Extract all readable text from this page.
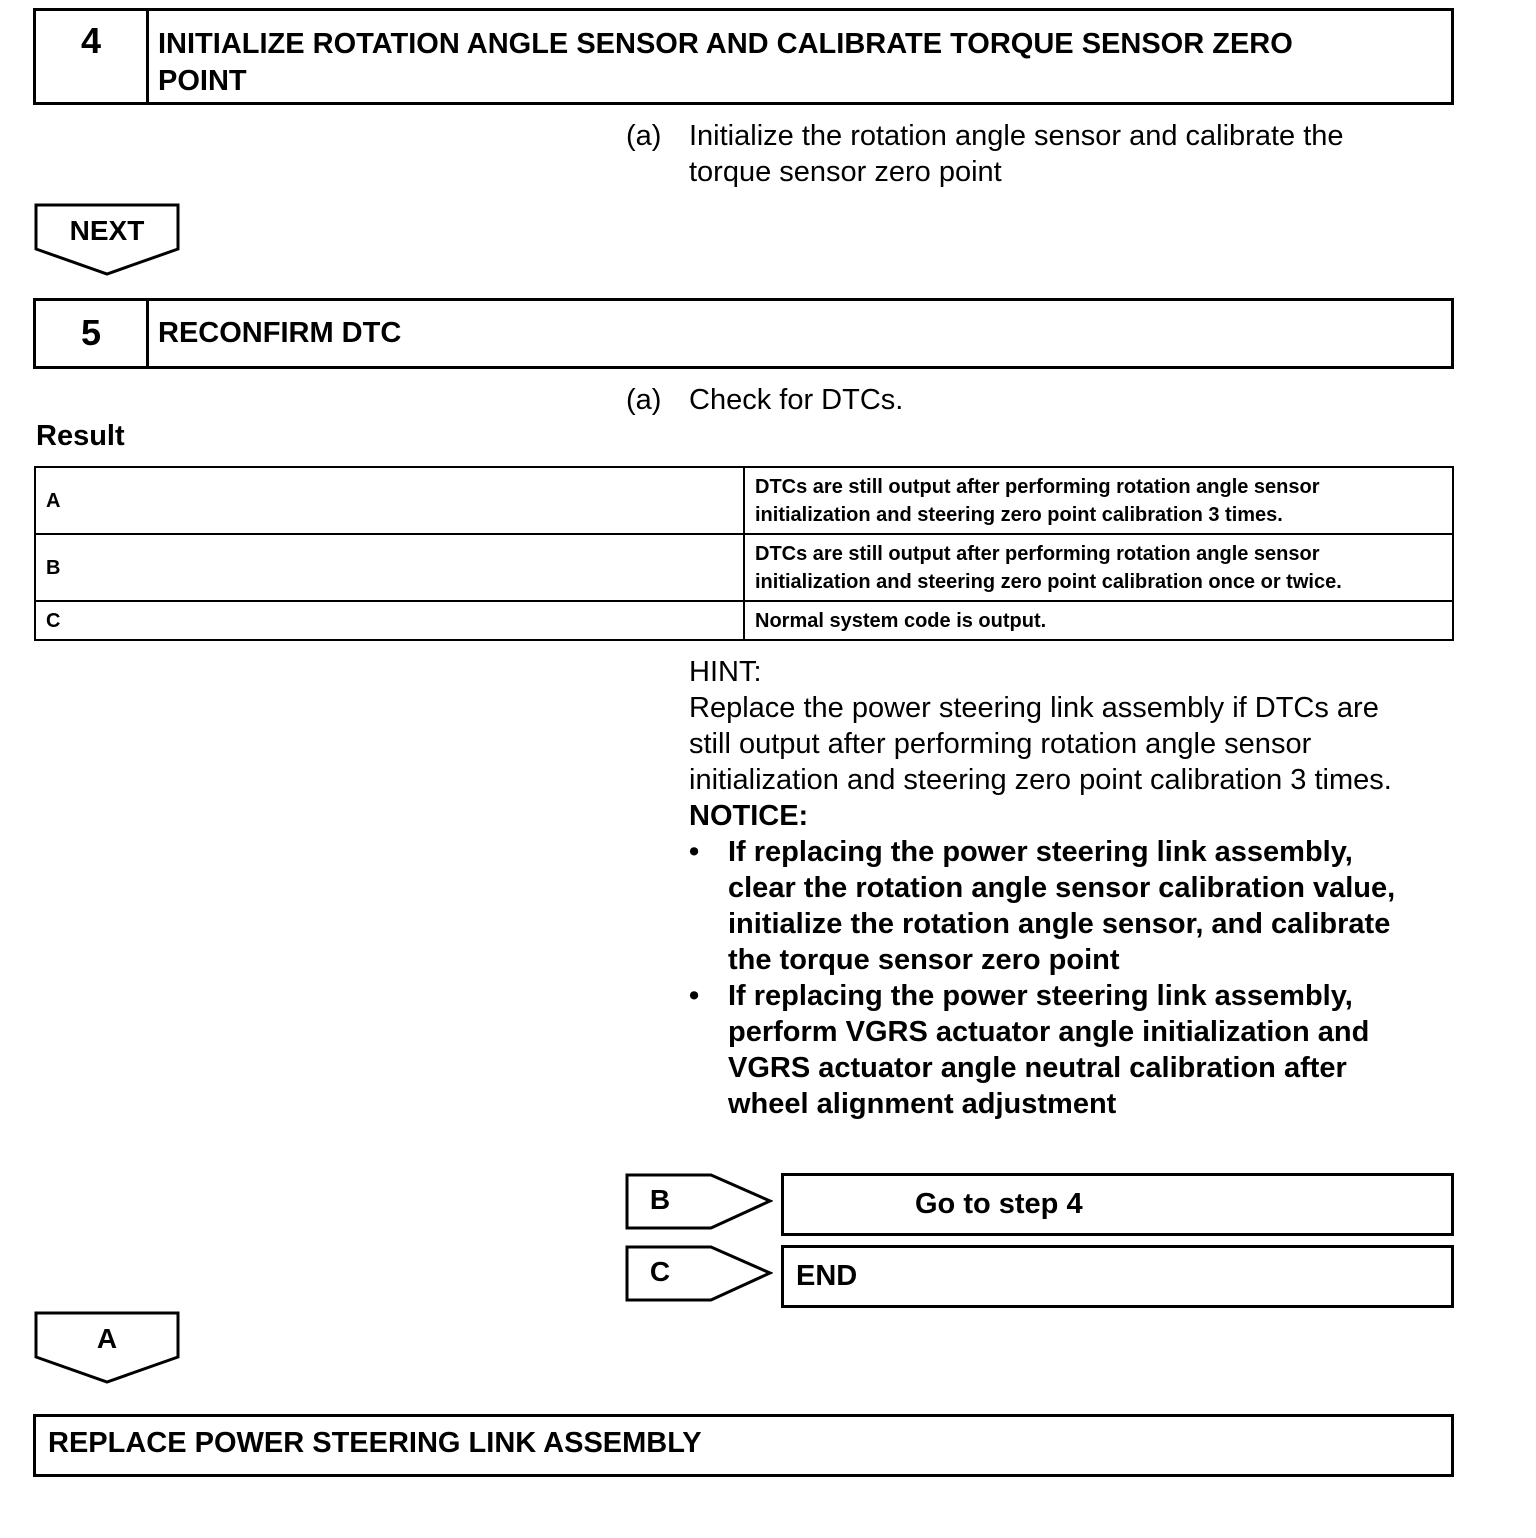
4	INITIALIZE ROTATION ANGLE SENSOR AND CALIBRATE TORQUE SENSOR ZERO
POINT
(a) Initialize the rotation angle sensor and calibrate the
torque sensor zero point
NEXT
5	RECONFIRM DTC
(a) Check for DTCs.
Result
A	DTCs are still output after performing rotation angle sensor
initialization and steering zero point calibration 3 times.

B	DTCs are still output after performing rotation angle sensor
initialization and steering zero point calibration once or twice.

C	Normal system code is output.
HINT:
Replace the power steering link assembly if DTCs are
still output after performing rotation angle sensor
initialization and steering zero point calibration 3 times.
NOTICE:
• If replacing the power steering link assembly,
clear the rotation angle sensor calibration value,
initialize the rotation angle sensor, and calibrate
the torque sensor zero point
• If replacing the power steering link assembly,
perform VGRS actuator angle initialization and
VGRS actuator angle neutral calibration after
wheel alignment adjustment
B	Go to step 4
C	END
A
REPLACE POWER STEERING LINK ASSEMBLY
